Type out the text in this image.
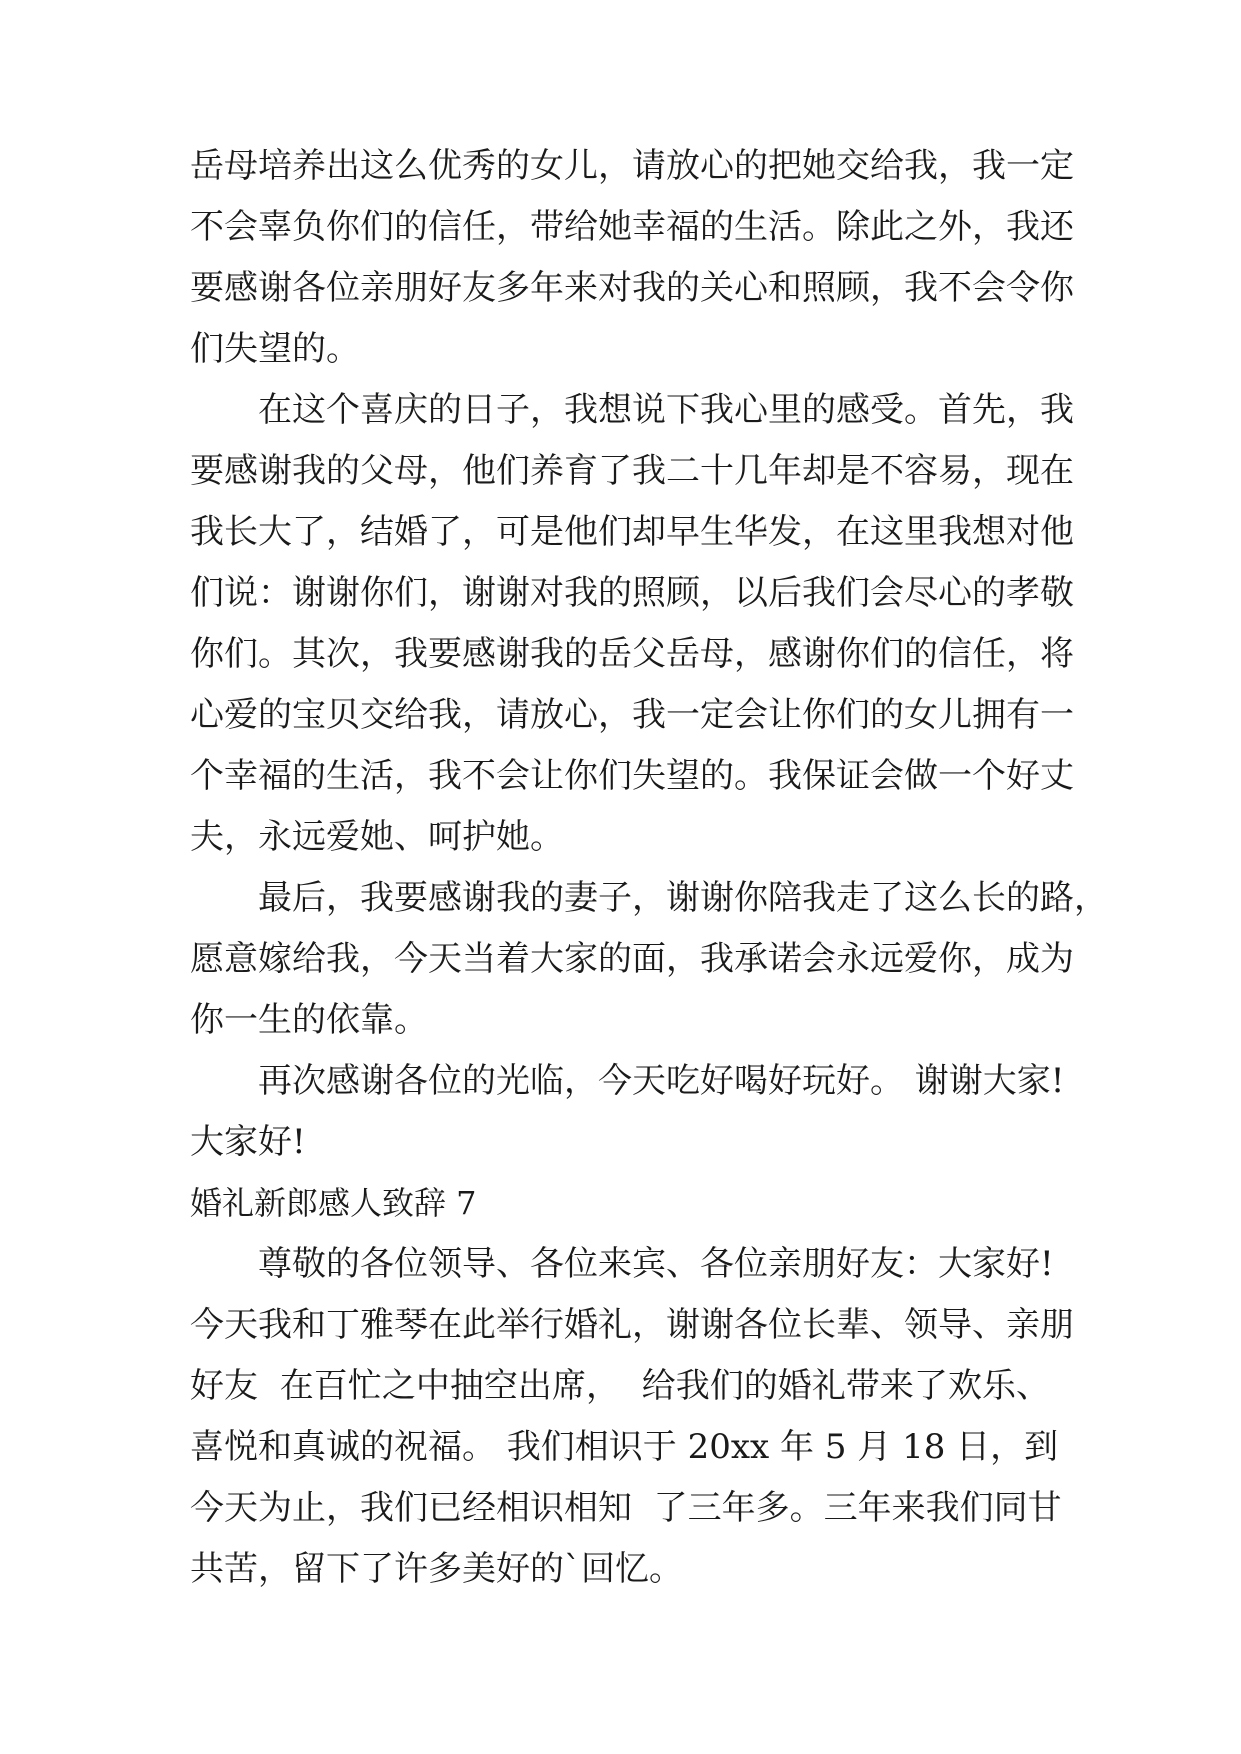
岳母培养出这么优秀的女儿，请放心的把她交给我，我一定
不会辜负你们的信任，带给她幸福的生活。除此之外，我还
要感谢各位亲朋好友多年来对我的关心和照顾，我不会令你
们失望的。
在这个喜庆的日子，我想说下我心里的感受。首先，我
要感谢我的父母，他们养育了我二十几年却是不容易，现在
我长大了，结婚了，可是他们却早生华发，在这里我想对他
们说：谢谢你们，谢谢对我的照顾，以后我们会尽心的孝敬
你们。其次，我要感谢我的岳父岳母，感谢你们的信任，将
心爱的宝贝交给我，请放心，我一定会让你们的女儿拥有一
个幸福的生活，我不会让你们失望的。我保证会做一个好丈
夫，永远爱她、呵护她。
最后，我要感谢我的妻子，谢谢你陪我走了这么长的路，
愿意嫁给我，今天当着大家的面，我承诺会永远爱你，成为
你一生的依靠。
再次感谢各位的光临，今天吃好喝好玩好。 谢谢大家!
大家好!
婚礼新郎感人致辞 7
尊敬的各位领导、各位来宾、各位亲朋好友：大家好!
今天我和丁雅琴在此举行婚礼，谢谢各位长辈、领导、亲朋
好友  在百忙之中抽空出席，  给我们的婚礼带来了欢乐、
喜悦和真诚的祝福。 我们相识于 20xx 年 5 月 18 日，到
今天为止，我们已经相识相知  了三年多。三年来我们同甘
共苦，留下了许多美好的`回忆。
